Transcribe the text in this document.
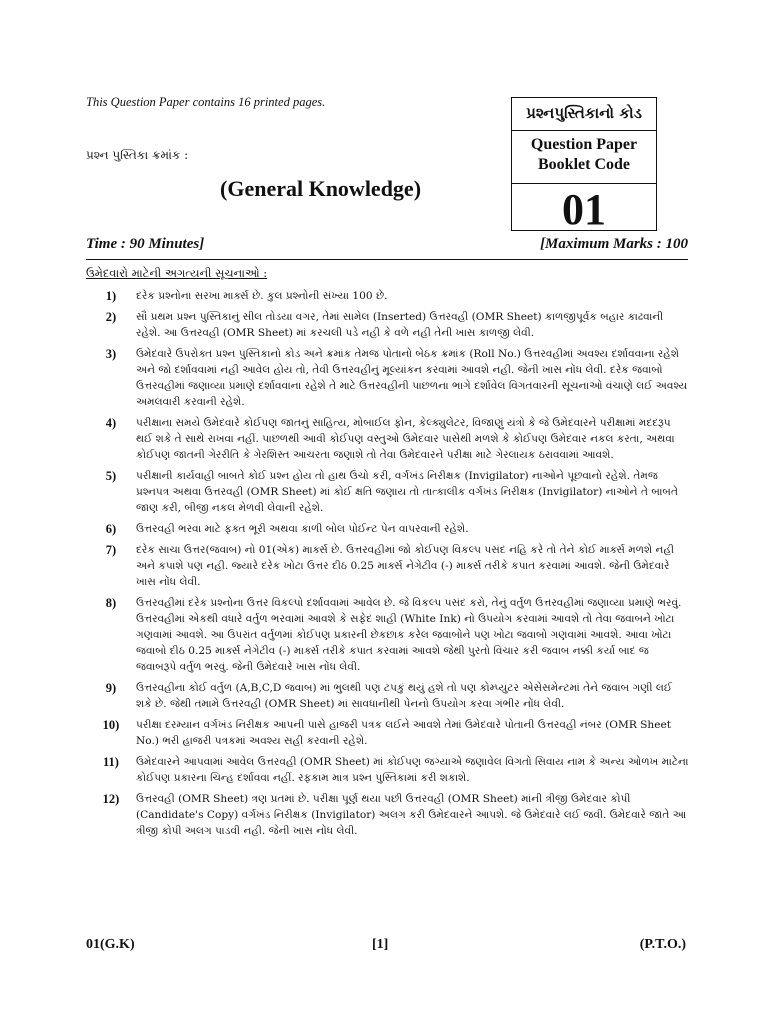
This Question Paper contains 16 printed pages.
પ્રશ્ન પુસ્તિકા ક્રમાંક :
(General Knowledge)
પ્રશ્નપુસ્તિકાનો કોડ
Question Paper
Booklet Code
01
Time : 90 Minutes]	[Maximum Marks : 100
ઉમેદવારો માટેની અગત્યની સૂચનાઓ :
1)	દરેક પ્રશ્નોના સરખા માર્ક્સ છે. કુલ પ્રશ્નોની સંખ્યા 100 છે.
2)	સૌ પ્રથમ પ્રશ્ન પુસ્તિકાનું સીલ તોડયા વગર, તેમાં સામેલ (Inserted) ઉત્તરવહી (OMR Sheet) કાળજીપૂર્વક બહાર કાઢવાની રહેશે. આ ઉત્તરવહી (OMR Sheet) માં કરચલી પડે નહી કે વળે નહી તેની ખાસ કાળજી લેવી.
3)	ઉમેદવારે ઉપરોક્ત પ્રશ્ન પુસ્તિકાનો કોડ અને ક્રમાંક તેમજ પોતાનો બેઠક ક્રમાંક (Roll No.) ઉત્તરવહીમાં અવશ્ય દર્શાવવાના રહેશે અને જો દર્શાવવામાં નહી આવેલ હોય તો, તેવી ઉત્તરવહીનું મૂલ્યાંકન કરવામાં આવશે નહી. જેની ખાસ નોંધ લેવી. દરેક જવાબો ઉત્તરવહીમાં જણાવ્યા પ્રમાણે દર્શાવવાના રહેશે તે માટે ઉત્તરવહીની પાછળના ભાગે દર્શાવેલ વિગતવારની સૂચનાઓ વંચાણે લઈ અવશ્ય અમલવારી કરવાની રહેશે.
4)	પરીક્ષાના સમયે ઉમેદવારે કોઈપણ જાતનું સાહિત્ય, મોબાઈલ ફોન, કેલ્ક્યુલેટર, વિજાણું યંત્રો કે જે ઉમેદવારને પરીક્ષામાં મદદરૂપ થઈ શકે તે સાથે રાખવા નહીં. પાછળથી આવી કોઈપણ વસ્તુઓ ઉમેદવાર પાસેથી મળશે કે કોઈપણ ઉમેદવાર નકલ કરતા, અથવા કોઈપણ જાતની ગેરરીતિ કે ગેરશિસ્ત આચરતા જણાશે તો તેવા ઉમેદવારને પરીક્ષા માટે ગેરલાયક ઠરાવવામાં આવશે.
5)	પરીક્ષાની કાર્યવાહી બાબતે કોઈ પ્રશ્ન હોય તો હાથ ઉંચો કરી, વર્ગખંડ નિરીક્ષક (Invigilator) નાઓને પૂછવાનો રહેશે. તેમજ પ્રશ્નપત્ર અથવા ઉત્તરવહી (OMR Sheet) માં કોઈ ક્ષતિ જણાય તો તાત્કાલીક વર્ગખંડ નિરીક્ષક (Invigilator) નાઓને તે બાબતે જાણ કરી, બીજી નકલ મેળવી લેવાની રહેશે.
6)	ઉત્તરવહી ભરવા માટે ફક્ત ભૂરી અથવા કાળી બોલ પોઈન્ટ પેન વાપરવાની રહેશે.
7)	દરેક સાચા ઉત્તર(જવાબ) નો 01(એક) માર્ક્સ છે. ઉત્તરવહીમાં જો કોઈપણ વિકલ્પ પસંદ નહિ કરે તો તેને કોઈ માર્ક્સ મળશે નહી અને કપાશે પણ નહી. જ્યારે દરેક ખોટા ઉત્તર દીઠ 0.25 માર્ક્સ નેગેટીવ (-) માર્ક્સ તરીકે કપાત કરવામાં આવશે. જેની ઉમેદવારે ખાસ નોંધ લેવી.
8)	ઉત્તરવહીમાં દરેક પ્રશ્નોના ઉત્તર વિકલ્પો દર્શાવવામાં આવેલ છે. જે વિકલ્પ પસંદ કરો, તેનું વર્તુળ ઉત્તરવહીમાં જણાવ્યા પ્રમાણે ભરવું. ઉત્તરવહીમાં એકથી વધારે વર્તુળ ભરવામાં આવશે કે સફેદ શાહી (White Ink) નો ઉપયોગ કરવામાં આવશે તો તેવા જવાબને ખોટા ગણવામાં આવશે. આ ઉપરાંત વર્તુળમાં કોઈપણ પ્રકારની છેકછાક કરેલ જવાબોને પણ ખોટા જવાબો ગણવામાં આવશે. આવા ખોટા જવાબો દીઠ 0.25 માર્ક્સ નેગેટીવ (-) માર્ક્સ તરીકે કપાત કરવામાં આવશે જેથી પુરતો વિચાર કરી જવાબ નક્કી કર્યા બાદ જ જવાબરૂપે વર્તુળ ભરવું. જેની ઉમેદવારે ખાસ નોંધ લેવી.
9)	ઉત્તરવહીના કોઈ વર્તુળ (A,B,C,D જવાબ) માં ભુલથી પણ ટપકું થયું હશે તો પણ કોમ્પ્યુટર એસેસમેન્ટમાં તેને જવાબ ગણી લઈ શકે છે. જેથી તમામે ઉત્તરવહી (OMR Sheet) માં સાવધાનીથી પેનનો ઉપયોગ કરવા ગંભીર નોંધ લેવી.
10)	પરીક્ષા દરમ્યાન વર્ગખંડ નિરીક્ષક આપની પાસે હાજરી પત્રક લઈને આવશે તેમાં ઉમેદવારે પોતાની ઉત્તરવહી નંબર (OMR Sheet No.) ભરી હાજરી પત્રકમાં અવશ્ય સહી કરવાની રહેશે.
11)	ઉમેદવારને આપવામાં આવેલ ઉત્તરવહી (OMR Sheet) માં કોઈપણ જગ્યાએ જણાવેલ વિગતો સિવાય નામ કે અન્ય ઓળખ માટેના કોઈપણ પ્રકારના ચિન્હ દર્શાવવા નહીં. રફકામ માત્ર પ્રશ્ન પુસ્તિકામાં કરી શકાશે.
12)	ઉત્તરવહી (OMR Sheet) ત્રણ પ્રતમાં છે. પરીક્ષા પૂર્ણ થયા પછી ઉત્તરવહી (OMR Sheet) માંની ત્રીજી ઉમેદવાર કોપી (Candidate's Copy) વર્ગખંડ નિરીક્ષક (Invigilator) અલગ કરી ઉમેદવારને આપશે. જે ઉમેદવારે લઈ જવી. ઉમેદવારે જાતે આ ત્રીજી કોપી અલગ પાડવી નહી. જેની ખાસ નોંધ લેવી.
01(G.K)	[1]	(P.T.O.)
